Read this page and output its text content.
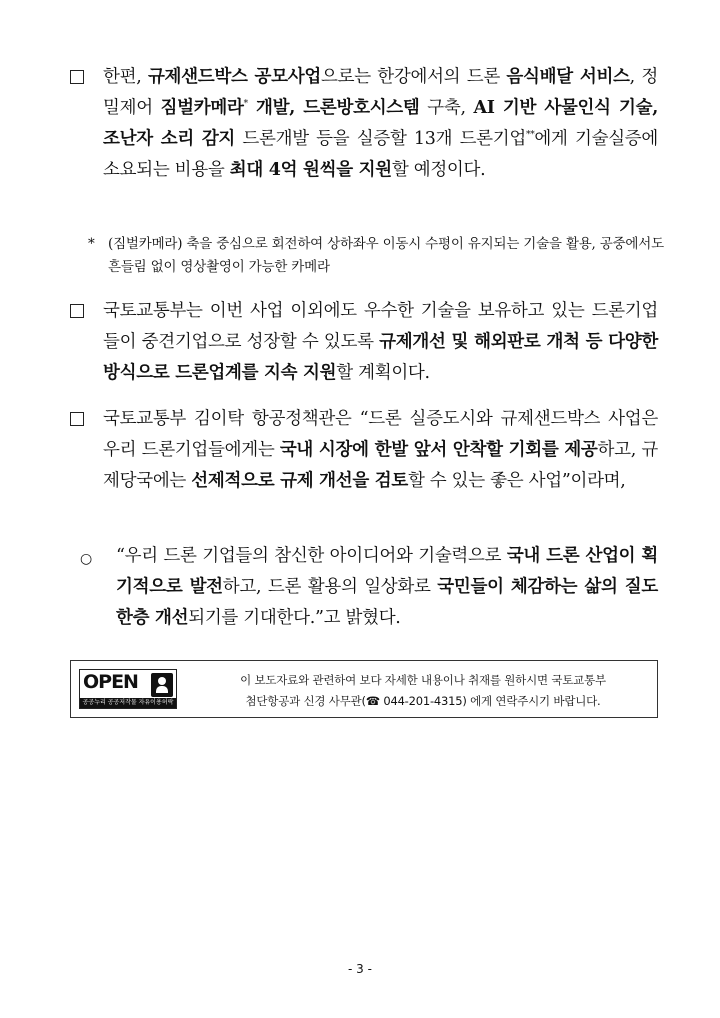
한편, 규제샌드박스 공모사업으로는 한강에서의 드론 음식배달 서비스, 정밀제어 짐벌카메라* 개발, 드론방호시스템 구축, AI 기반 사물인식 기술, 조난자 소리 감지 드론개발 등을 실증할 13개 드론기업**에게 기술실증에 소요되는 비용을 최대 4억 원씩을 지원할 예정이다.
* (짐벌카메라) 축을 중심으로 회전하여 상하좌우 이동시 수평이 유지되는 기술을 활용, 공중에서도 흔들림 없이 영상촬영이 가능한 카메라
국토교통부는 이번 사업 이외에도 우수한 기술을 보유하고 있는 드론기업들이 중견기업으로 성장할 수 있도록 규제개선 및 해외판로 개척 등 다양한 방식으로 드론업계를 지속 지원할 계획이다.
국토교통부 김이탁 항공정책관은 “드론 실증도시와 규제샌드박스 사업은 우리 드론기업들에게는 국내 시장에 한발 앞서 안착할 기회를 제공하고, 규제당국에는 선제적으로 규제 개선을 검토할 수 있는 좋은 사업”이라며,
○ “우리 드론 기업들의 참신한 아이디어와 기술력으로 국내 드론 산업이 획기적으로 발전하고, 드론 활용의 일상화로 국민들이 체감하는 삶의 질도 한층 개선되기를 기대한다.”고 밝혔다.
OPEN
공공누리 공공저작물 자유이용허락
이 보도자료와 관련하여 보다 자세한 내용이나 취재를 원하시면 국토교통부
첨단항공과 신경 사무관(☎ 044-201-4315) 에게 연락주시기 바랍니다.
- 3 -
